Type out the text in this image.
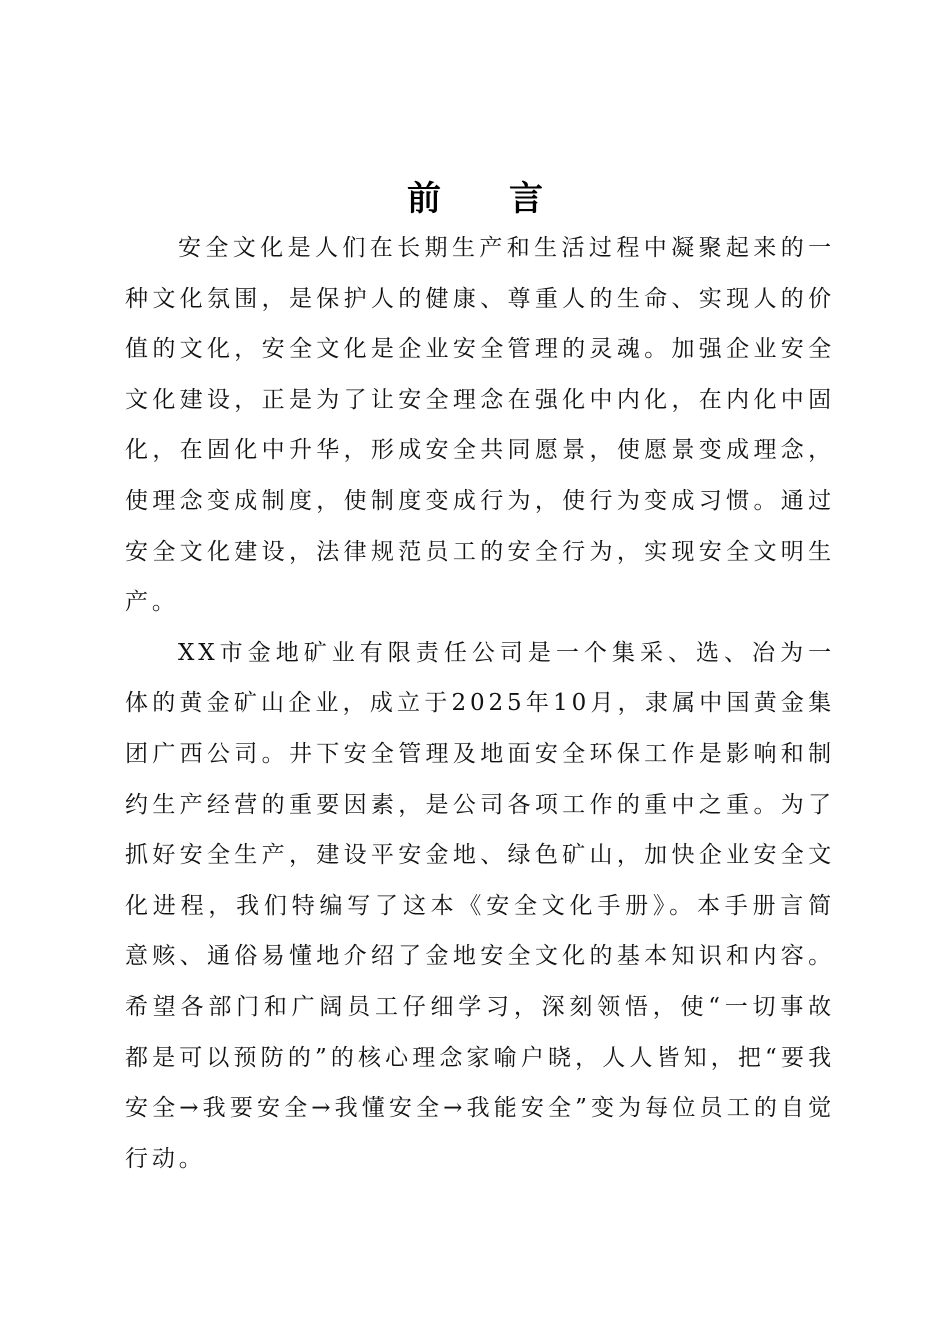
前言

安全文化是人们在长期生产和生活过程中凝聚起来的一种文化氛围，是保护人的健康、尊重人的生命、实现人的价值的文化，安全文化是企业安全管理的灵魂。加强企业安全文化建设，正是为了让安全理念在强化中内化，在内化中固化，在固化中升华，形成安全共同愿景，使愿景变成理念，使理念变成制度，使制度变成行为，使行为变成习惯。通过安全文化建设，法律规范员工的安全行为，实现安全文明生产。

XX市金地矿业有限责任公司是一个集采、选、冶为一体的黄金矿山企业，成立于2025年10月，隶属中国黄金集团广西公司。井下安全管理及地面安全环保工作是影响和制约生产经营的重要因素，是公司各项工作的重中之重。为了抓好安全生产，建设平安金地、绿色矿山，加快企业安全文化进程，我们特编写了这本《安全文化手册》。本手册言简意赅、通俗易懂地介绍了金地安全文化的基本知识和内容。希望各部门和广阔员工仔细学习，深刻领悟，使“一切事故都是可以预防的”的核心理念家喻户晓，人人皆知，把“要我安全→我要安全→我懂安全→我能安全”变为每位员工的自觉行动。
